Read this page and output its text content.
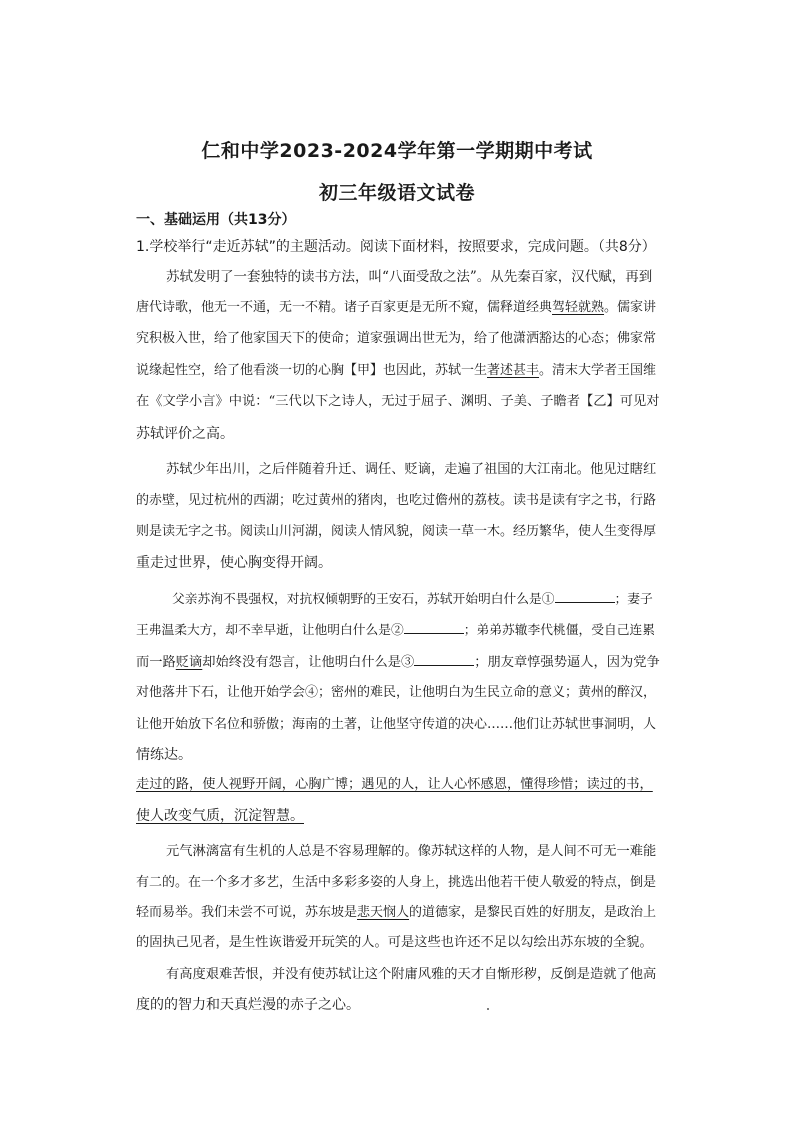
仁和中学2023-2024学年第一学期期中考试
初三年级语文试卷
一、基础运用（共13分）
1.学校举行“走近苏轼”的主题活动。阅读下面材料，按照要求，完成问题。（共8分）
苏轼发明了一套独特的读书方法，叫“八面受敌之法”。从先秦百家，汉代赋，再到
唐代诗歌，他无一不通，无一不精。诸子百家更是无所不窥，儒释道经典驾轻就熟。儒家讲
究积极入世，给了他家国天下的使命；道家强调出世无为，给了他潇洒豁达的心态；佛家常
说缘起性空，给了他看淡一切的心胸【甲】也因此，苏轼一生著述甚丰。清末大学者王国维
在《文学小言》中说：“三代以下之诗人，无过于屈子、渊明、子美、子瞻者【乙】可见对
苏轼评价之高。
苏轼少年出川，之后伴随着升迁、调任、贬谪，走遍了祖国的大江南北。他见过瞎红
的赤壁，见过杭州的西湖；吃过黄州的猪肉，也吃过儋州的荔枝。读书是读有字之书，行路
则是读无字之书。阅读山川河湖，阅读人情风貌，阅读一草一木。经历繁华，使人生变得厚
重走过世界，使心胸变得开阔。
父亲苏洵不畏强权，对抗权倾朝野的王安石，苏轼开始明白什么是①	；妻子
王弗温柔大方，却不幸早逝，让他明白什么是②	；弟弟苏辙李代桃僵，受自己连累
而一路贬谪却始终没有怨言，让他明白什么是③	；朋友章惇强势逼人，因为党争
对他落井下石，让他开始学会④；密州的难民，让他明白为生民立命的意义；黄州的醉汉，
让他开始放下名位和骄傲；海南的土著，让他坚守传道的决心……他们让苏轼世事洞明，人
情练达。
走过的路，使人视野开阔，心胸广博；遇见的人，让人心怀感恩，懂得珍惜；读过的书，
使人改变气质，沉淀智慧。
元气淋漓富有生机的人总是不容易理解的。像苏轼这样的人物，是人间不可无一难能
有二的。在一个多才多艺，生活中多彩多姿的人身上，挑选出他若干使人敬爱的特点，倒是
轻而易举。我们未尝不可说，苏东坡是悲天悯人的道德家，是黎民百姓的好朋友，是政治上
的固执己见者，是生性诙谐爱开玩笑的人。可是这些也许还不足以勾绘出苏东坡的全貌。
有高度艰难苦恨，并没有使苏轼让这个附庸风雅的天才自惭形秽，反倒是造就了他高
度的的智力和天真烂漫的赤子之心。
